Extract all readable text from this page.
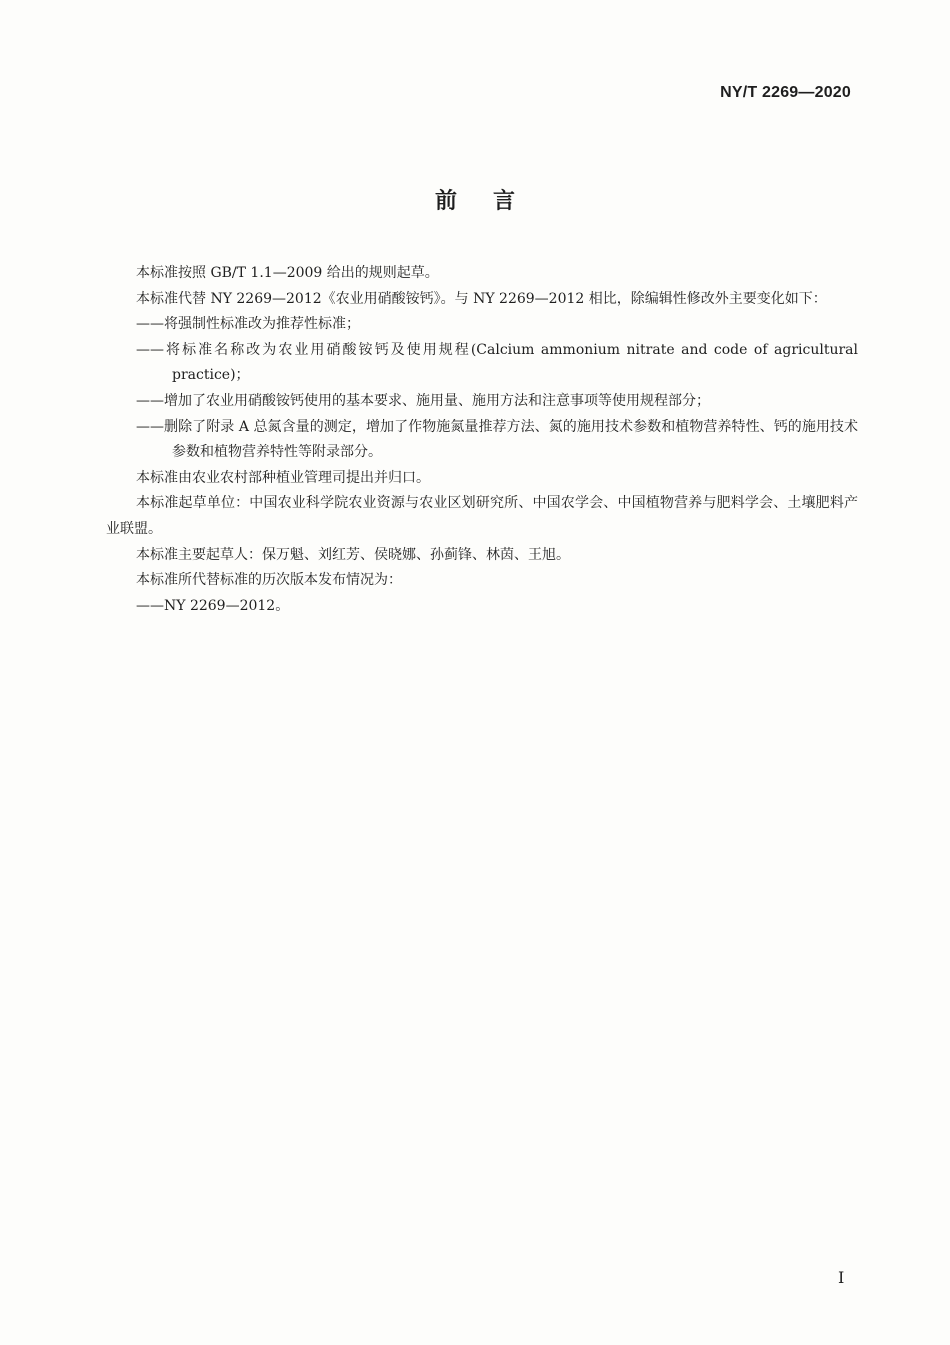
NY/T 2269—2020
前言

本标准按照 GB/T 1.1—2009 给出的规则起草。

本标准代替 NY 2269—2012《农业用硝酸铵钙》。与 NY 2269—2012 相比，除编辑性修改外主要变化如下：

——将强制性标准改为推荐性标准；

——将标准名称改为农业用硝酸铵钙及使用规程(Calcium ammonium nitrate and code of agricultural practice)；

——增加了农业用硝酸铵钙使用的基本要求、施用量、施用方法和注意事项等使用规程部分；

——删除了附录 A 总氮含量的测定，增加了作物施氮量推荐方法、氮的施用技术参数和植物营养特性、钙的施用技术参数和植物营养特性等附录部分。

本标准由农业农村部种植业管理司提出并归口。

本标准起草单位：中国农业科学院农业资源与农业区划研究所、中国农学会、中国植物营养与肥料学会、土壤肥料产业联盟。

本标准主要起草人：保万魁、刘红芳、侯晓娜、孙蓟锋、林茵、王旭。

本标准所代替标准的历次版本发布情况为：

——NY 2269—2012。

I
